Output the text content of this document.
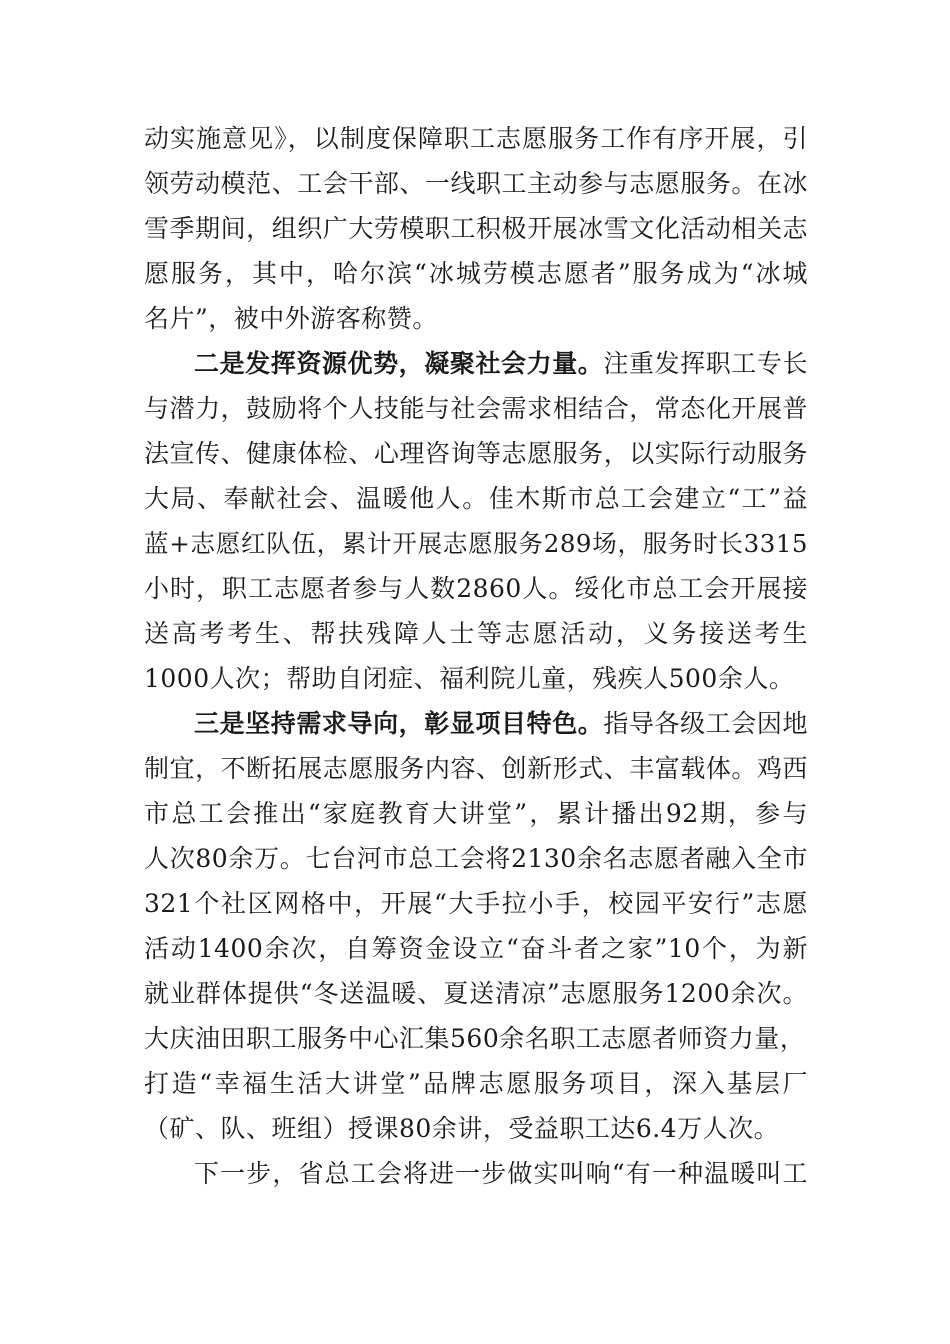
动实施意见》，以制度保障职工志愿服务工作有序开展，引
领劳动模范、工会干部、一线职工主动参与志愿服务。在冰
雪季期间，组织广大劳模职工积极开展冰雪文化活动相关志
愿服务，其中，哈尔滨“冰城劳模志愿者”服务成为“冰城
名片”，被中外游客称赞。
二是发挥资源优势，凝聚社会力量。注重发挥职工专长
与潜力，鼓励将个人技能与社会需求相结合，常态化开展普
法宣传、健康体检、心理咨询等志愿服务，以实际行动服务
大局、奉献社会、温暖他人。佳木斯市总工会建立“工”益
蓝+志愿红队伍，累计开展志愿服务289场，服务时长3315
小时，职工志愿者参与人数2860人。绥化市总工会开展接
送高考考生、帮扶残障人士等志愿活动，义务接送考生
1000人次；帮助自闭症、福利院儿童，残疾人500余人。
三是坚持需求导向，彰显项目特色。指导各级工会因地
制宜，不断拓展志愿服务内容、创新形式、丰富载体。鸡西
市总工会推出“家庭教育大讲堂”，累计播出92期，参与
人次80余万。七台河市总工会将2130余名志愿者融入全市
321个社区网格中，开展“大手拉小手，校园平安行”志愿
活动1400余次，自筹资金设立“奋斗者之家”10个，为新
就业群体提供“冬送温暖、夏送清凉”志愿服务1200余次。
大庆油田职工服务中心汇集560余名职工志愿者师资力量，
打造“幸福生活大讲堂”品牌志愿服务项目，深入基层厂
（矿、队、班组）授课80余讲，受益职工达6.4万人次。
下一步，省总工会将进一步做实叫响“有一种温暖叫工
